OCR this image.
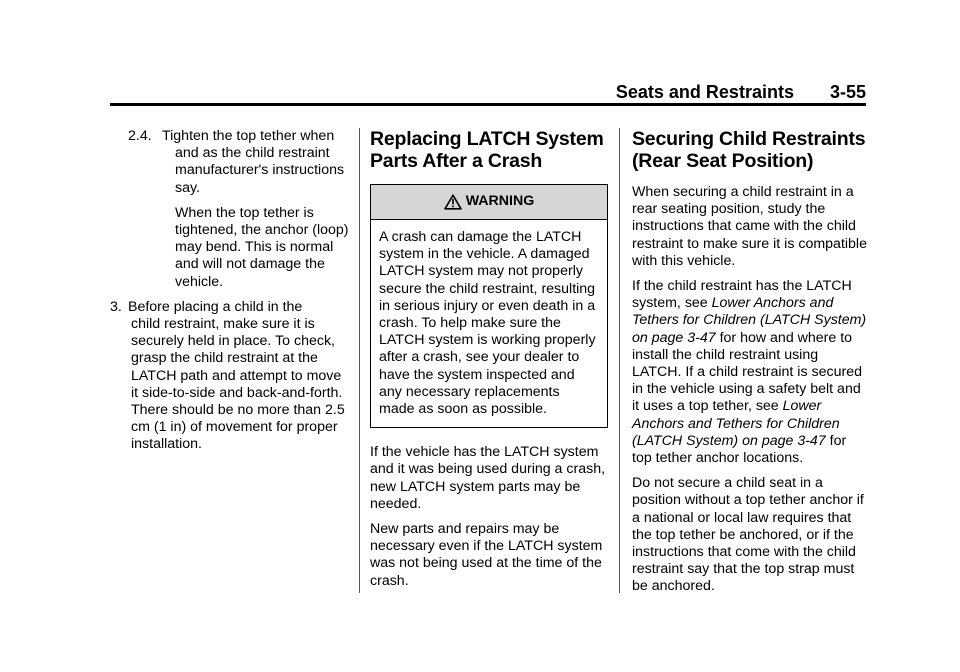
Seats and Restraints 3-55
2.4. Tighten the top tether when
and as the child restraint manufacturer's instructions say.
When the top tether is tightened, the anchor (loop) may bend. This is normal and will not damage the vehicle.
3. Before placing a child in the
child restraint, make sure it is securely held in place. To check, grasp the child restraint at the LATCH path and attempt to move it side-to-side and back-and-forth. There should be no more than 2.5 cm (1 in) of movement for proper installation.
Replacing LATCH System Parts After a Crash
WARNING
A crash can damage the LATCH system in the vehicle. A damaged LATCH system may not properly secure the child restraint, resulting in serious injury or even death in a crash. To help make sure the LATCH system is working properly after a crash, see your dealer to have the system inspected and any necessary replacements made as soon as possible.

If the vehicle has the LATCH system and it was being used during a crash, new LATCH system parts may be needed.

New parts and repairs may be necessary even if the LATCH system was not being used at the time of the crash.

Securing Child Restraints (Rear Seat Position)

When securing a child restraint in a rear seating position, study the instructions that came with the child restraint to make sure it is compatible with this vehicle.

If the child restraint has the LATCH system, see Lower Anchors and Tethers for Children (LATCH System) on page 3-47 for how and where to install the child restraint using LATCH. If a child restraint is secured in the vehicle using a safety belt and it uses a top tether, see Lower Anchors and Tethers for Children (LATCH System) on page 3-47 for top tether anchor locations.

Do not secure a child seat in a position without a top tether anchor if a national or local law requires that the top tether be anchored, or if the instructions that come with the child restraint say that the top strap must be anchored.
